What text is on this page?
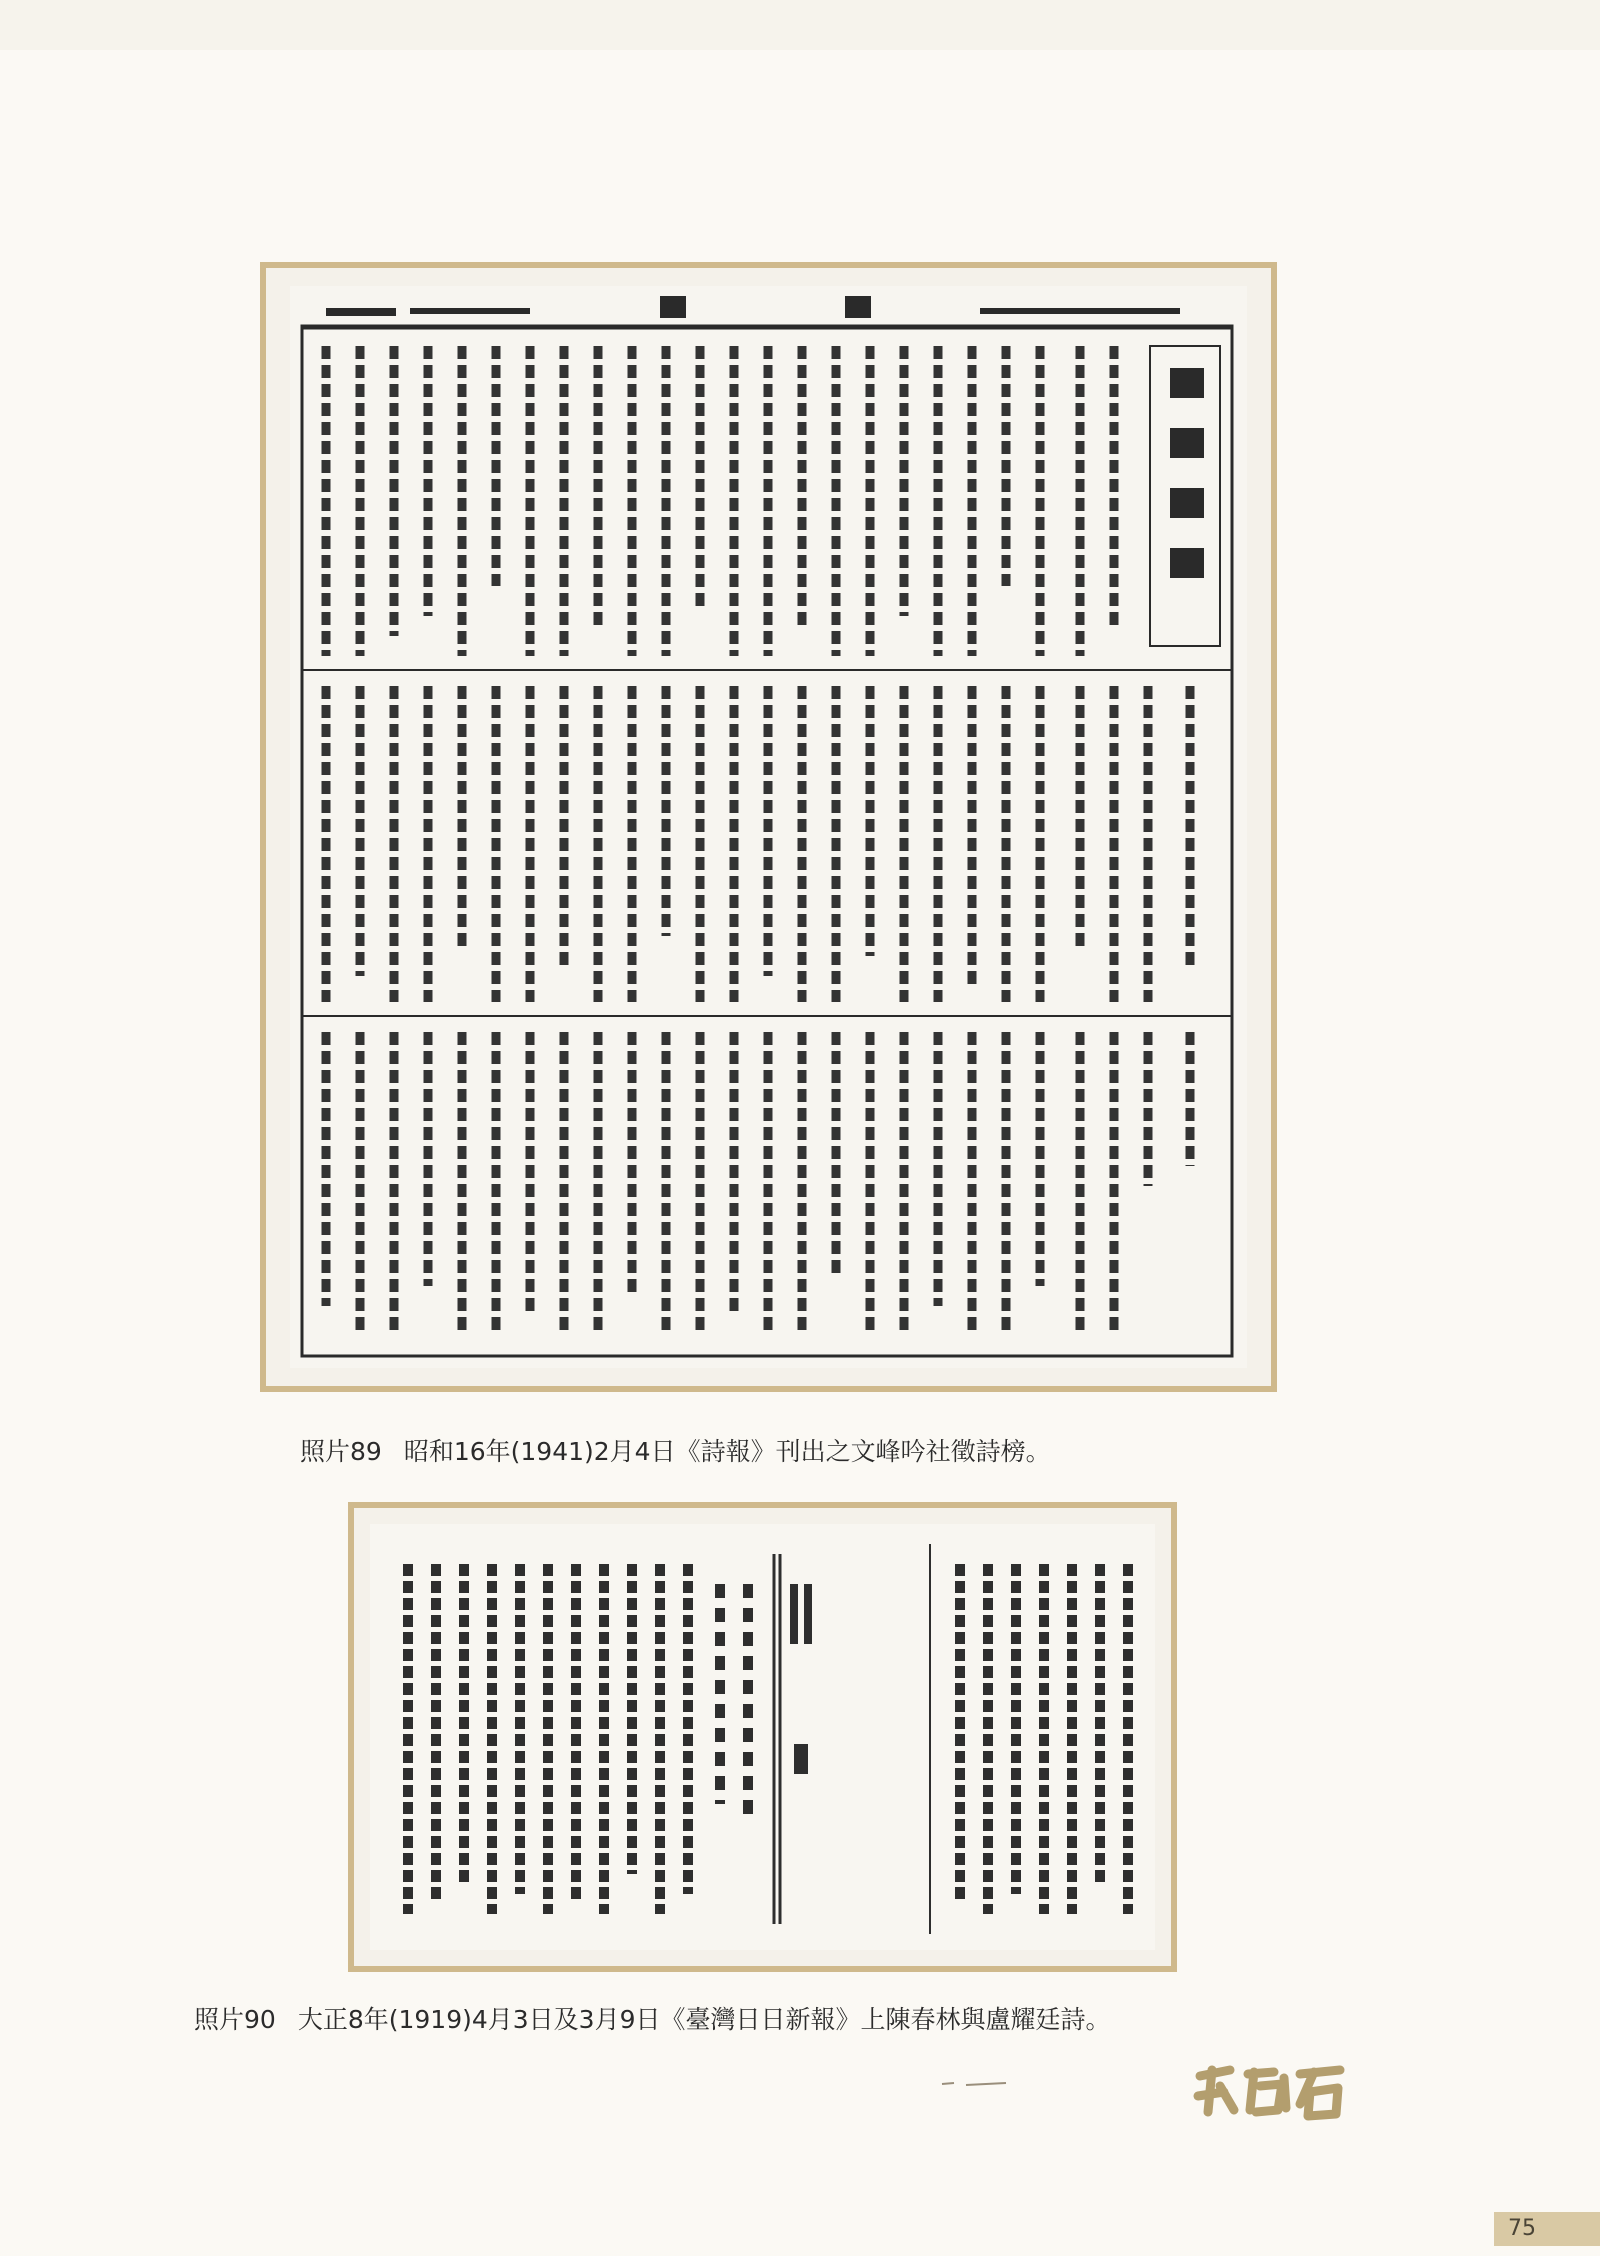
照片89 昭和16年(1941)2月4日《詩報》刊出之文峰吟社徵詩榜。
照片90 大正8年(1919)4月3日及3月9日《臺灣日日新報》上陳春林與盧耀廷詩。
75
